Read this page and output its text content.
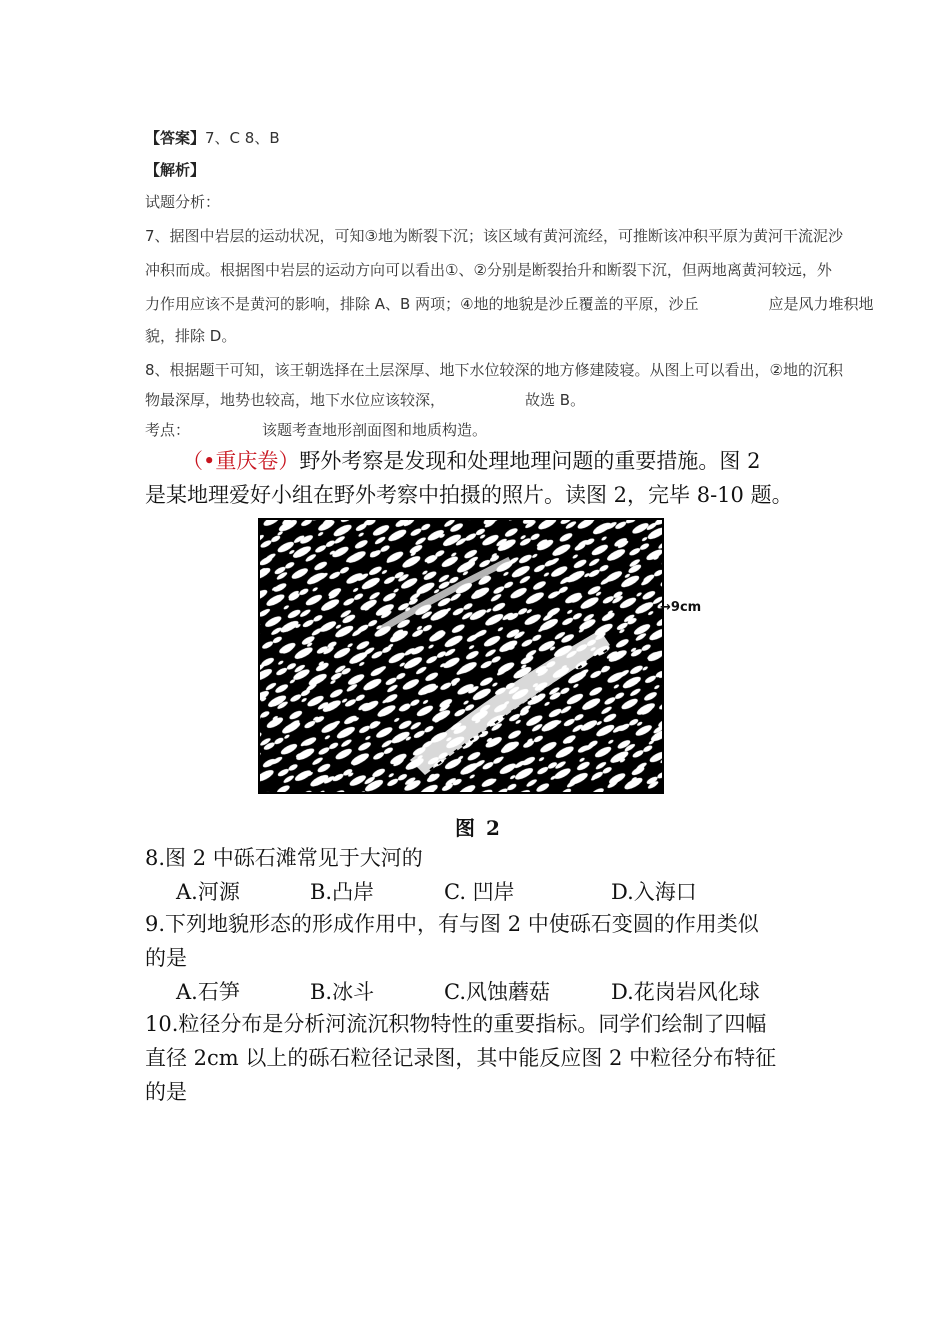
【答案】7、C 8、B
【解析】
试题分析：
7、据图中岩层的运动状况，可知③地为断裂下沉；该区域有黄河流经，可推断该冲积平原为黄河干流泥沙
冲积而成。根据图中岩层的运动方向可以看出①、②分别是断裂抬升和断裂下沉，但两地离黄河较远，外
力作用应该不是黄河的影响，排除 A、B 两项；④地的地貌是沙丘覆盖的平原，沙丘	应是风力堆积地
貌，排除 D。
8、根据题干可知，该王朝选择在土层深厚、地下水位较深的地方修建陵寝。从图上可以看出，②地的沉积
物最深厚，地势也较高，地下水位应该较深，	故选 B。
考点：	该题考查地形剖面图和地质构造。
（•重庆卷）野外考察是发现和处理地理问题的重要措施。图 2
是某地理爱好小组在野外考察中拍摄的照片。读图 2，完毕 8-10 题。
→9cm
图 2
8.图 2 中砾石滩常见于大河的
A.河源	B.凸岸	C. 凹岸	D.入海口
9.下列地貌形态的形成作用中，有与图 2 中使砾石变圆的作用类似
的是
A.石笋	B.冰斗	C.风蚀蘑菇	D.花岗岩风化球
10.粒径分布是分析河流沉积物特性的重要指标。同学们绘制了四幅
直径 2cm 以上的砾石粒径记录图，其中能反应图 2 中粒径分布特征
的是
